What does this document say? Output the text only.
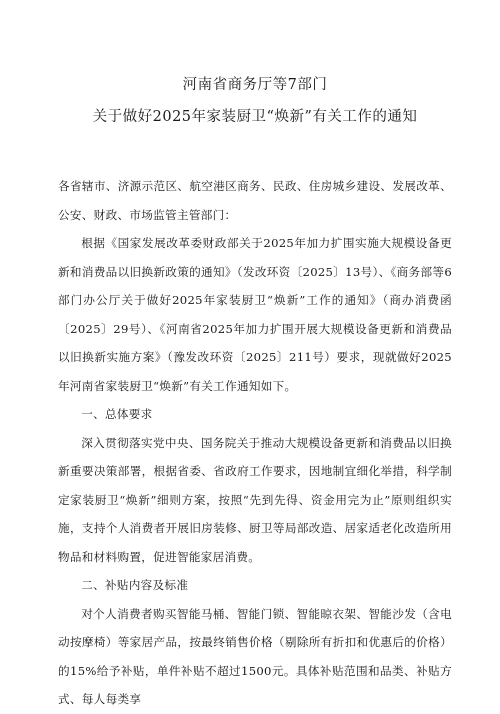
河南省商务厅等7部门
关于做好2025年家装厨卫“焕新”有关工作的通知

各省辖市、济源示范区、航空港区商务、民政、住房城乡建设、发展改革、公安、财政、市场监管主管部门：

根据《国家发展改革委财政部关于2025年加力扩围实施大规模设备更新和消费品以旧换新政策的通知》（发改环资〔2025〕13号）、《商务部等6部门办公厅关于做好2025年家装厨卫“焕新”工作的通知》（商办消费函〔2025〕29号）、《河南省2025年加力扩围开展大规模设备更新和消费品以旧换新实施方案》（豫发改环资〔2025〕211号）要求，现就做好2025年河南省家装厨卫“焕新”有关工作通知如下。

一、总体要求

深入贯彻落实党中央、国务院关于推动大规模设备更新和消费品以旧换新重要决策部署，根据省委、省政府工作要求，因地制宜细化举措，科学制定家装厨卫“焕新”细则方案，按照“先到先得、资金用完为止”原则组织实施，支持个人消费者开展旧房装修、厨卫等局部改造、居家适老化改造所用物品和材料购置，促进智能家居消费。

二、补贴内容及标准

对个人消费者购买智能马桶、智能门锁、智能晾衣架、智能沙发（含电动按摩椅）等家居产品，按最终销售价格（剔除所有折扣和优惠后的价格）的15%给予补贴，单件补贴不超过1500元。具体补贴范围和品类、补贴方式、每人每类享
